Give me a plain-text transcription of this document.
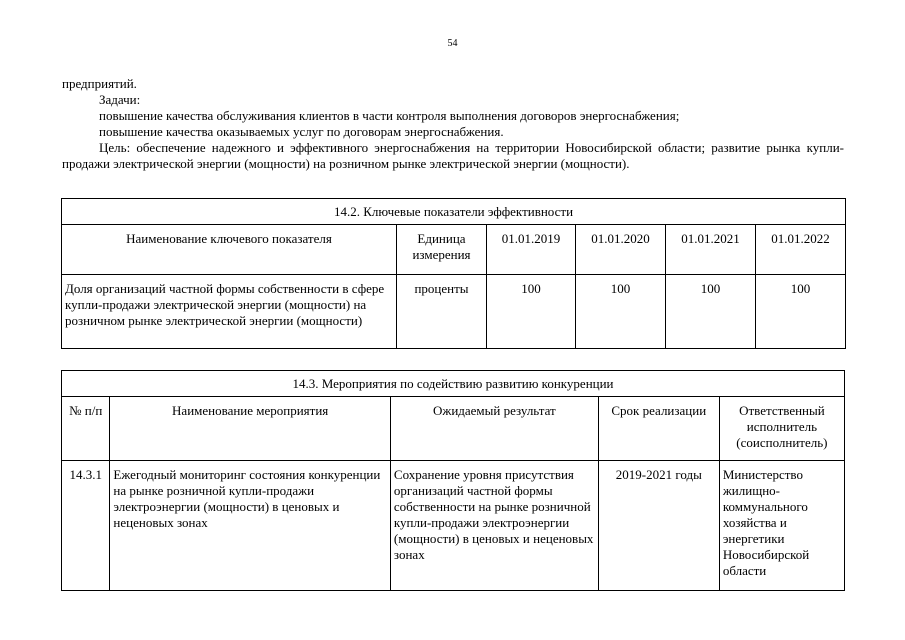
54

предприятий.

Задачи:

повышение качества обслуживания клиентов в части контроля выполнения договоров энергоснабжения;

повышение качества оказываемых услуг по договорам энергоснабжения.

Цель: обеспечение надежного и эффективного энергоснабжения на территории Новосибирской области; развитие рынка купли-продажи электрической энергии (мощности) на розничном рынке электрической энергии (мощности).

14.2. Ключевые показатели эффективности					
Наименование ключевого показателя	Единица измерения	01.01.2019	01.01.2020	01.01.2021	01.01.2022
Доля организаций частной формы собственности в сфере купли-продажи электрической энергии (мощности) на розничном рынке электрической энергии (мощности)	проценты	100	100	100	100
14.3. Мероприятия по содействию развитию конкуренции				
№ п/п	Наименование мероприятия	Ожидаемый результат	Срок реализации	Ответственный исполнитель (соисполнитель)
14.3.1	Ежегодный мониторинг состояния конкуренции на рынке розничной купли-продажи электроэнергии (мощности) в ценовых и неценовых зонах	Сохранение уровня присутствия организаций частной формы собственности на рынке розничной купли-продажи электроэнергии (мощности) в ценовых и неценовых зонах	2019-2021 годы	Министерство жилищно-коммунального хозяйства и энергетики Новосибирской области
